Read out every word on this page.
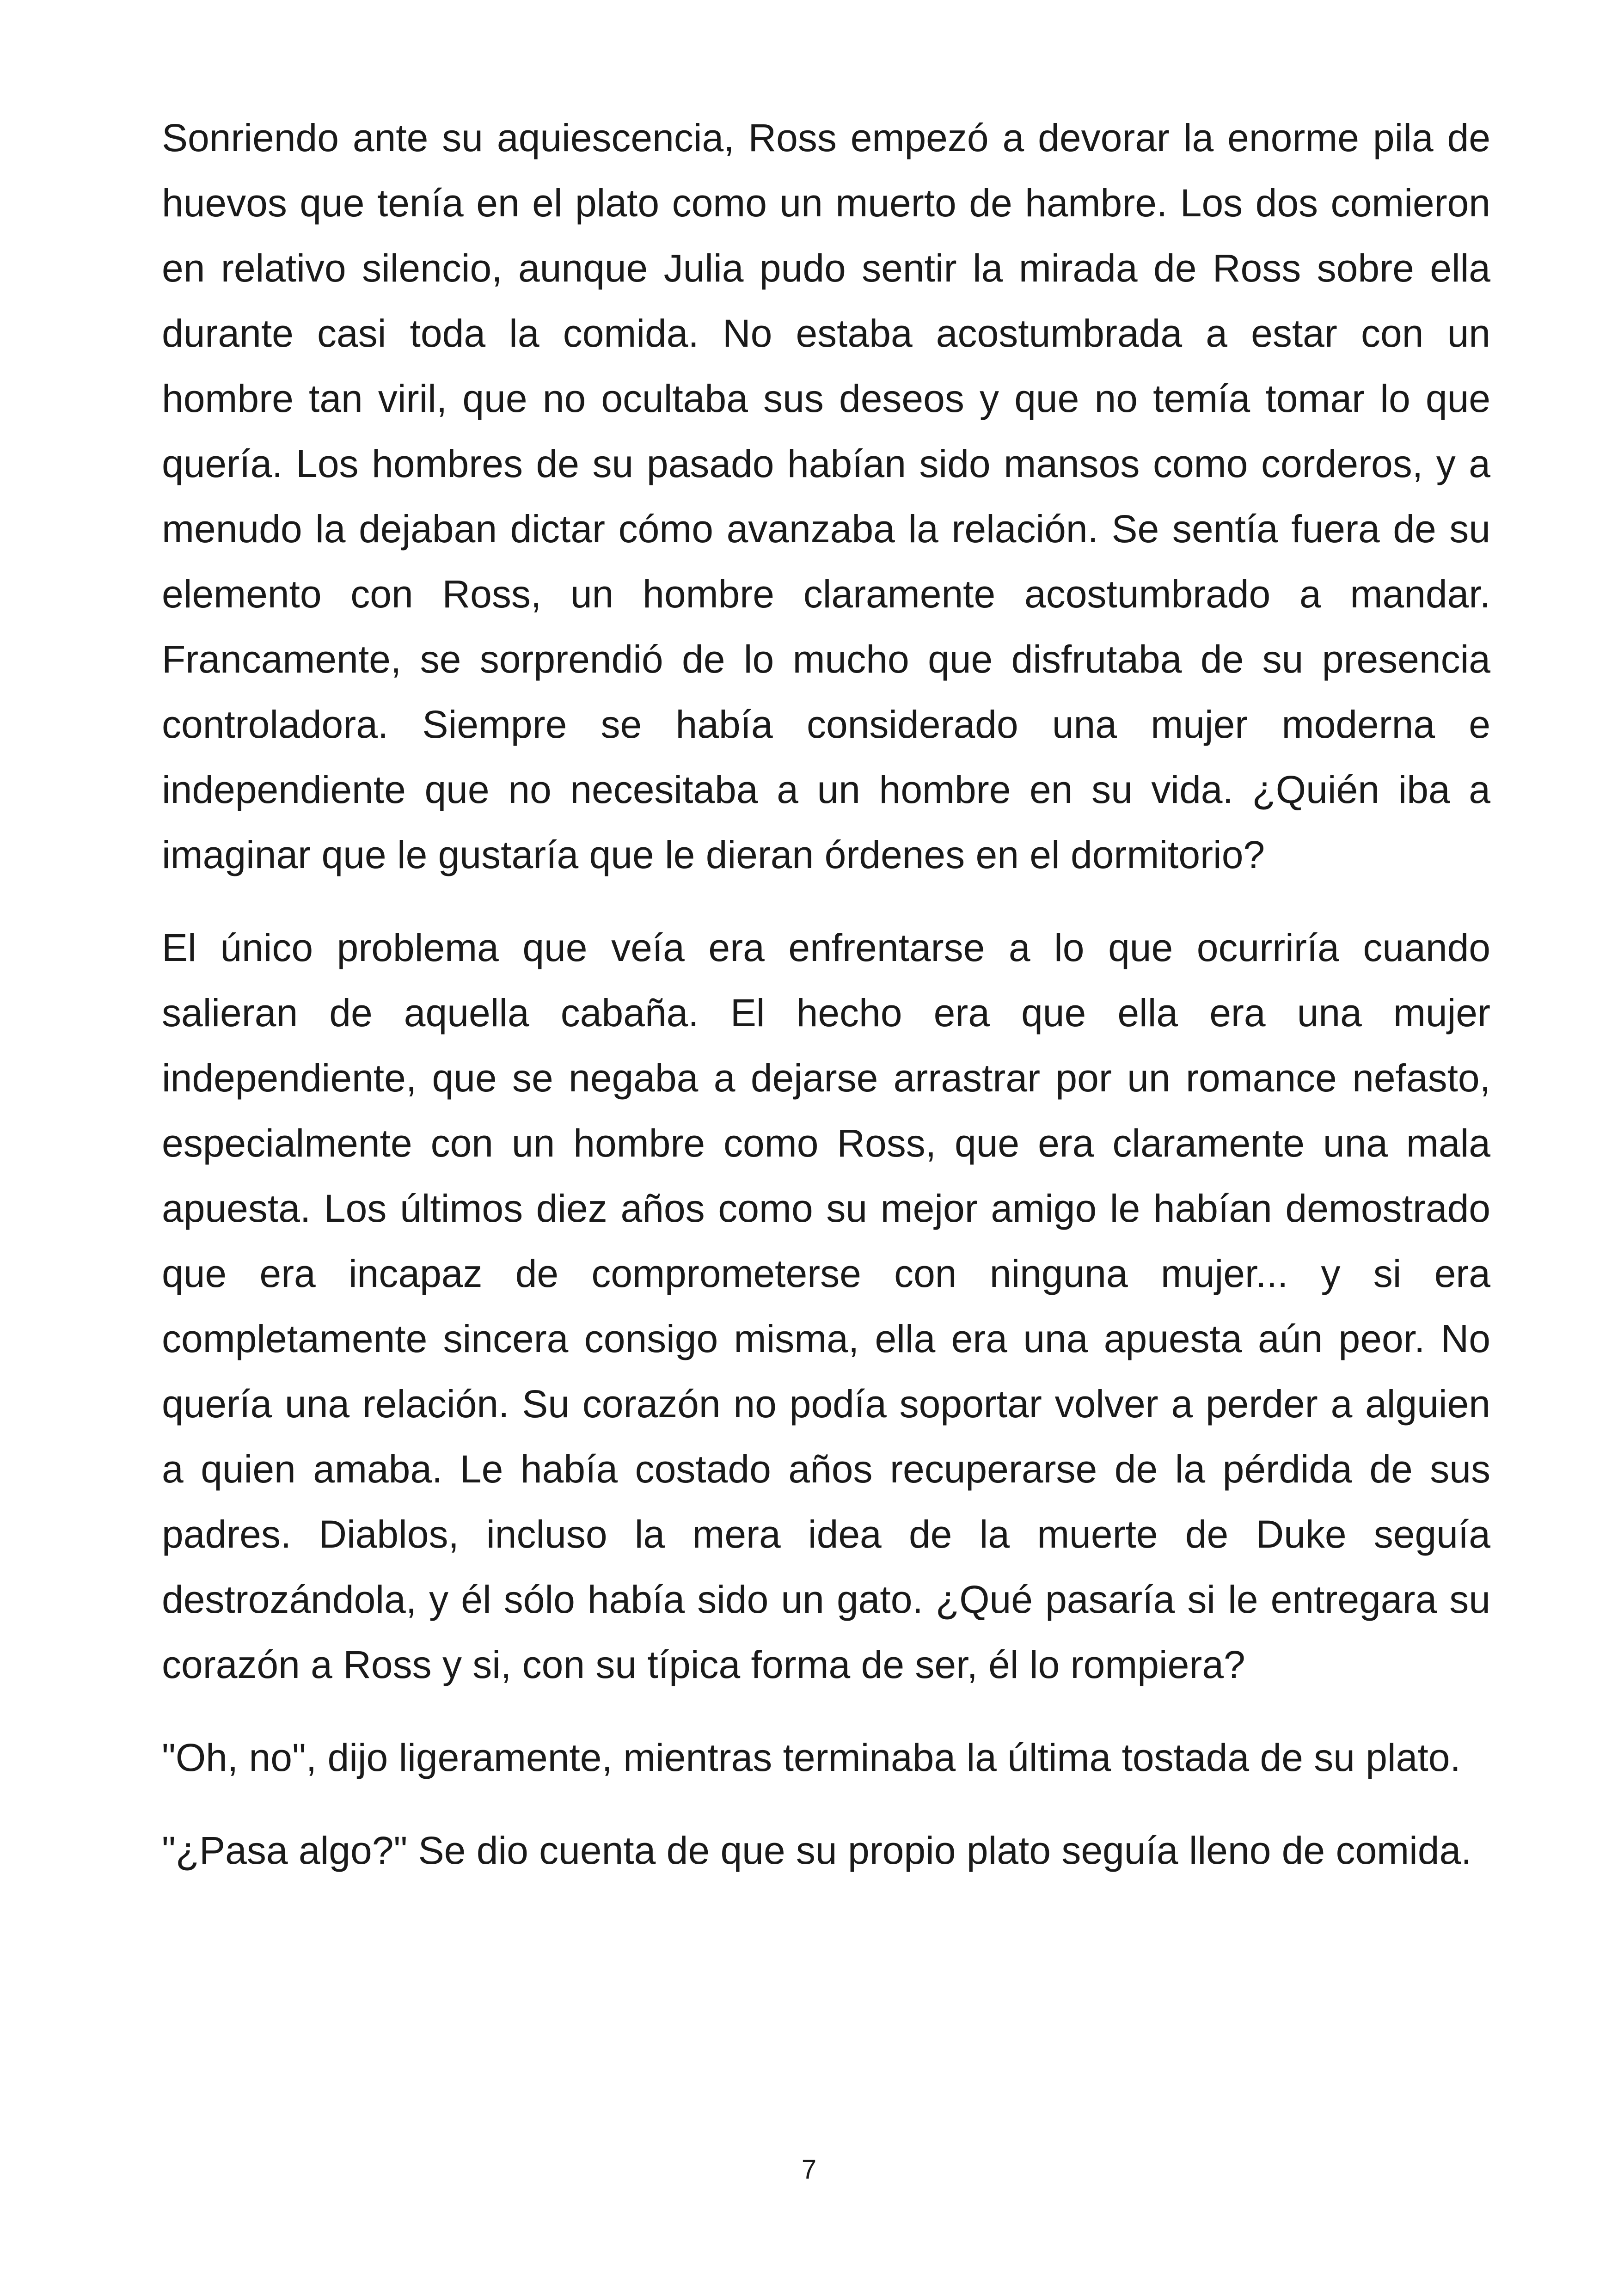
Sonriendo ante su aquiescencia, Ross empezó a devorar la enorme pila de huevos que tenía en el plato como un muerto de hambre. Los dos comieron en relativo silencio, aunque Julia pudo sentir la mirada de Ross sobre ella durante casi toda la comida. No estaba acostumbrada a estar con un hombre tan viril, que no ocultaba sus deseos y que no temía tomar lo que quería. Los hombres de su pasado habían sido mansos como corderos, y a menudo la dejaban dictar cómo avanzaba la relación. Se sentía fuera de su elemento con Ross, un hombre claramente acostumbrado a mandar. Francamente, se sorprendió de lo mucho que disfrutaba de su presencia controladora. Siempre se había considerado una mujer moderna e independiente que no necesitaba a un hombre en su vida. ¿Quién iba a imaginar que le gustaría que le dieran órdenes en el dormitorio?

El único problema que veía era enfrentarse a lo que ocurriría cuando salieran de aquella cabaña. El hecho era que ella era una mujer independiente, que se negaba a dejarse arrastrar por un romance nefasto, especialmente con un hombre como Ross, que era claramente una mala apuesta. Los últimos diez años como su mejor amigo le habían demostrado que era incapaz de comprometerse con ninguna mujer... y si era completamente sincera consigo misma, ella era una apuesta aún peor. No quería una relación. Su corazón no podía soportar volver a perder a alguien a quien amaba. Le había costado años recuperarse de la pérdida de sus padres. Diablos, incluso la mera idea de la muerte de Duke seguía destrozándola, y él sólo había sido un gato. ¿Qué pasaría si le entregara su corazón a Ross y si, con su típica forma de ser, él lo rompiera?

"Oh, no", dijo ligeramente, mientras terminaba la última tostada de su plato.

"¿Pasa algo?" Se dio cuenta de que su propio plato seguía lleno de comida.

7
